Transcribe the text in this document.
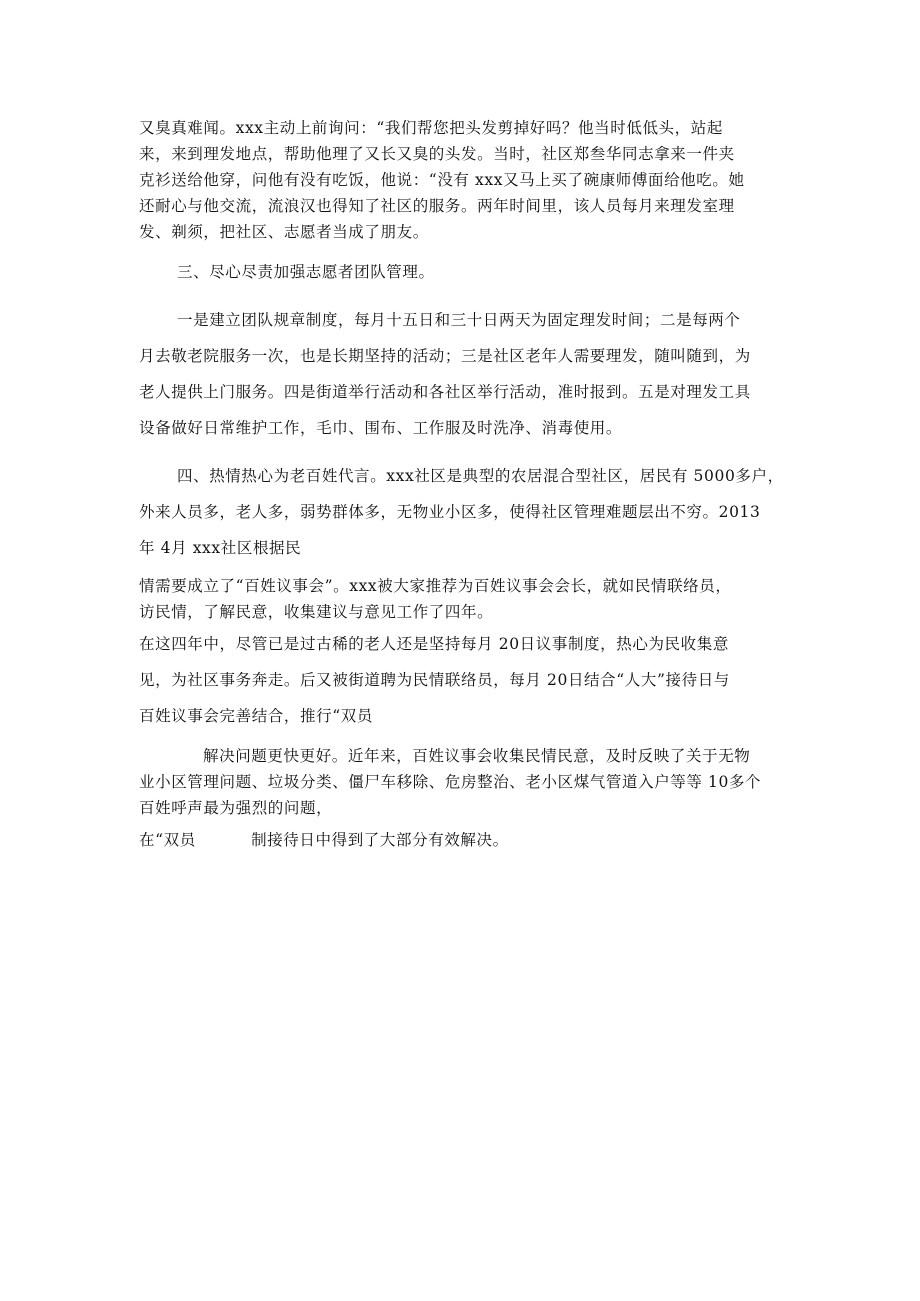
又臭真难闻。xxx主动上前询问：“我们帮您把头发剪掉好吗？他当时低低头，站起
来，来到理发地点，帮助他理了又长又臭的头发。当时，社区郑叁华同志拿来一件夹
克衫送给他穿，问他有没有吃饭，他说：“没有 xxx又马上买了碗康师傅面给他吃。她
还耐心与他交流，流浪汉也得知了社区的服务。两年时间里，该人员每月来理发室理
发、剃须，把社区、志愿者当成了朋友。
三、尽心尽责加强志愿者团队管理。
一是建立团队规章制度，每月十五日和三十日两天为固定理发时间；二是每两个
月去敬老院服务一次，也是长期坚持的活动；三是社区老年人需要理发，随叫随到，为
老人提供上门服务。四是街道举行活动和各社区举行活动，准时报到。五是对理发工具
设备做好日常维护工作，毛巾、围布、工作服及时洗净、消毒使用。
四、热情热心为老百姓代言。xxx社区是典型的农居混合型社区，居民有 5000多户，
外来人员多，老人多，弱势群体多，无物业小区多，使得社区管理难题层出不穷。2013
年 4月 xxx社区根据民
情需要成立了“百姓议事会”。xxx被大家推荐为百姓议事会会长，就如民情联络员，
访民情，了解民意，收集建议与意见工作了四年。
在这四年中，尽管已是过古稀的老人还是坚持每月 20日议事制度，热心为民收集意
见，为社区事务奔走。后又被街道聘为民情联络员，每月 20日结合“人大”接待日与
百姓议事会完善结合，推行“双员
解决问题更快更好。近年来，百姓议事会收集民情民意，及时反映了关于无物
业小区管理问题、垃圾分类、僵尸车移除、危房整治、老小区煤气管道入户等等 10多个
百姓呼声最为强烈的问题，
在“双员          制接待日中得到了大部分有效解决。
